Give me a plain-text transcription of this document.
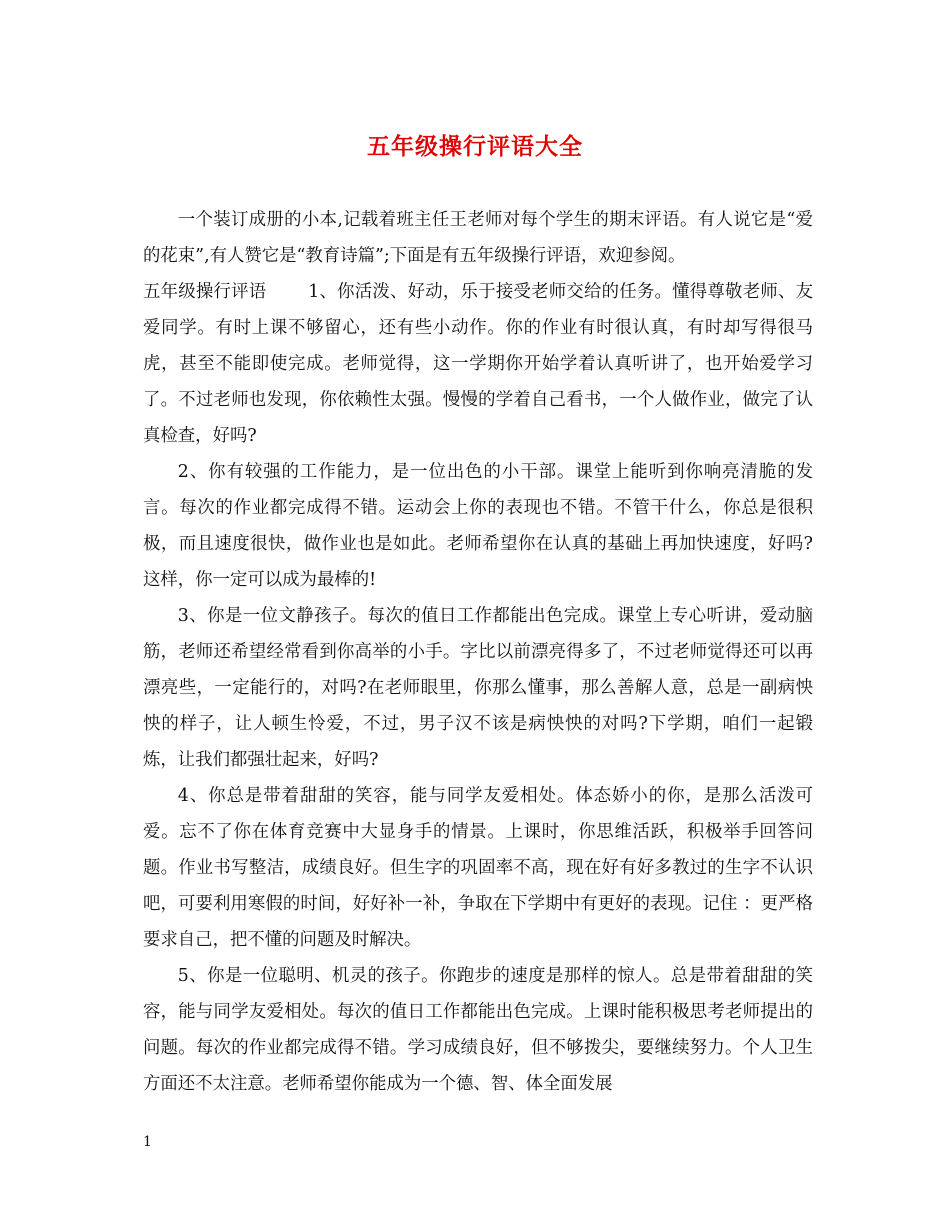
五年级操行评语大全

一个装订成册的小本,记载着班主任王老师对每个学生的期末评语。有人说它是“爱的花束”,有人赞它是“教育诗篇”;下面是有五年级操行评语，欢迎参阅。

五年级操行评语 1、你活泼、好动，乐于接受老师交给的任务。懂得尊敬老师、友爱同学。有时上课不够留心，还有些小动作。你的作业有时很认真，有时却写得很马虎，甚至不能即使完成。老师觉得，这一学期你开始学着认真听讲了，也开始爱学习了。不过老师也发现，你依赖性太强。慢慢的学着自己看书，一个人做作业，做完了认真检查，好吗?

2、你有较强的工作能力，是一位出色的小干部。课堂上能听到你响亮清脆的发言。每次的作业都完成得不错。运动会上你的表现也不错。不管干什么，你总是很积极，而且速度很快，做作业也是如此。老师希望你在认真的基础上再加快速度，好吗?这样，你一定可以成为最棒的!

3、你是一位文静孩子。每次的值日工作都能出色完成。课堂上专心听讲，爱动脑筋，老师还希望经常看到你高举的小手。字比以前漂亮得多了，不过老师觉得还可以再漂亮些，一定能行的，对吗?在老师眼里，你那么懂事，那么善解人意，总是一副病怏怏的样子，让人顿生怜爱，不过，男子汉不该是病怏怏的对吗?下学期，咱们一起锻炼，让我们都强壮起来，好吗?

4、你总是带着甜甜的笑容，能与同学友爱相处。体态娇小的你，是那么活泼可爱。忘不了你在体育竞赛中大显身手的情景。上课时，你思维活跃，积极举手回答问题。作业书写整洁，成绩良好。但生字的巩固率不高，现在好有好多教过的生字不认识吧，可要利用寒假的时间，好好补一补，争取在下学期中有更好的表现。记住 ：更严格要求自己，把不懂的问题及时解决。

5、你是一位聪明、机灵的孩子。你跑步的速度是那样的惊人。总是带着甜甜的笑容，能与同学友爱相处。每次的值日工作都能出色完成。上课时能积极思考老师提出的问题。每次的作业都完成得不错。学习成绩良好，但不够拨尖，要继续努力。个人卫生方面还不太注意。老师希望你能成为一个德、智、体全面发展

1
